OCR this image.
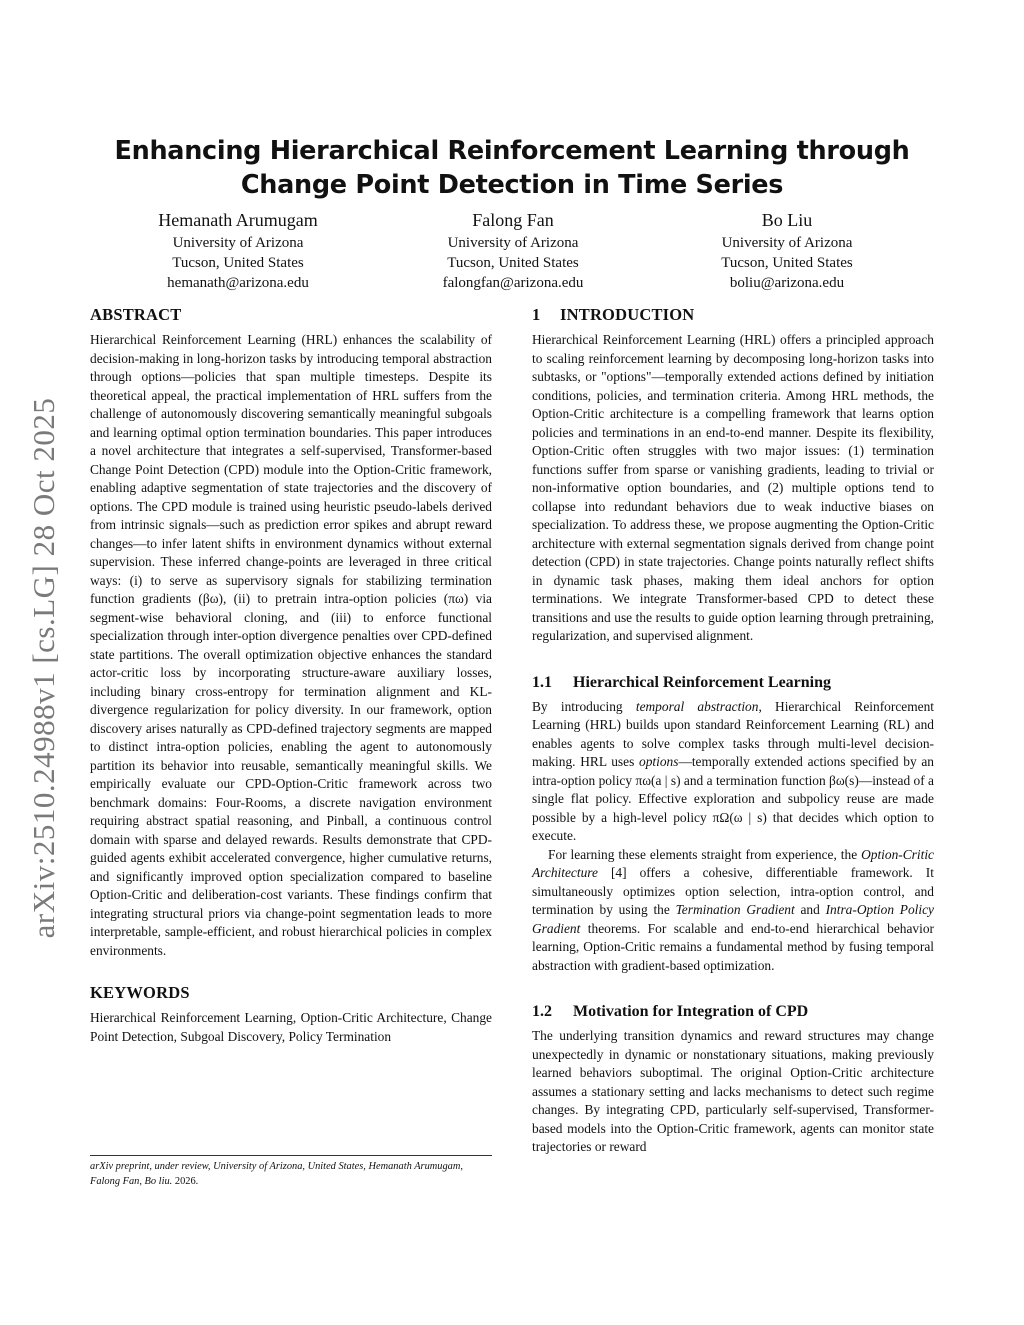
arXiv:2510.24988v1 [cs.LG] 28 Oct 2025
Enhancing Hierarchical Reinforcement Learning through Change Point Detection in Time Series
Hemanath Arumugam
University of Arizona
Tucson, United States
hemanath@arizona.edu
Falong Fan
University of Arizona
Tucson, United States
falongfan@arizona.edu
Bo Liu
University of Arizona
Tucson, United States
boliu@arizona.edu
ABSTRACT

Hierarchical Reinforcement Learning (HRL) enhances the scalability of decision-making in long-horizon tasks by introducing temporal abstraction through options—policies that span multiple timesteps. Despite its theoretical appeal, the practical implementation of HRL suffers from the challenge of autonomously discovering semantically meaningful subgoals and learning optimal option termination boundaries. This paper introduces a novel architecture that integrates a self-supervised, Transformer-based Change Point Detection (CPD) module into the Option-Critic framework, enabling adaptive segmentation of state trajectories and the discovery of options. The CPD module is trained using heuristic pseudo-labels derived from intrinsic signals—such as prediction error spikes and abrupt reward changes—to infer latent shifts in environment dynamics without external supervision. These inferred change-points are leveraged in three critical ways: (i) to serve as supervisory signals for stabilizing termination function gradients (βω), (ii) to pretrain intra-option policies (πω) via segment-wise behavioral cloning, and (iii) to enforce functional specialization through inter-option divergence penalties over CPD-defined state partitions. The overall optimization objective enhances the standard actor-critic loss by incorporating structure-aware auxiliary losses, including binary cross-entropy for termination alignment and KL-divergence regularization for policy diversity. In our framework, option discovery arises naturally as CPD-defined trajectory segments are mapped to distinct intra-option policies, enabling the agent to autonomously partition its behavior into reusable, semantically meaningful skills. We empirically evaluate our CPD-Option-Critic framework across two benchmark domains: Four-Rooms, a discrete navigation environment requiring abstract spatial reasoning, and Pinball, a continuous control domain with sparse and delayed rewards. Results demonstrate that CPD-guided agents exhibit accelerated convergence, higher cumulative returns, and significantly improved option specialization compared to baseline Option-Critic and deliberation-cost variants. These findings confirm that integrating structural priors via change-point segmentation leads to more interpretable, sample-efficient, and robust hierarchical policies in complex environments.

KEYWORDS

Hierarchical Reinforcement Learning, Option-Critic Architecture, Change Point Detection, Subgoal Discovery, Policy Termination

arXiv preprint, under review, University of Arizona, United States, Hemanath Arumugam, Falong Fan, Bo liu. 2026.

1 INTRODUCTION

Hierarchical Reinforcement Learning (HRL) offers a principled approach to scaling reinforcement learning by decomposing long-horizon tasks into subtasks, or "options"—temporally extended actions defined by initiation conditions, policies, and termination criteria. Among HRL methods, the Option-Critic architecture is a compelling framework that learns option policies and terminations in an end-to-end manner. Despite its flexibility, Option-Critic often struggles with two major issues: (1) termination functions suffer from sparse or vanishing gradients, leading to trivial or non-informative option boundaries, and (2) multiple options tend to collapse into redundant behaviors due to weak inductive biases on specialization. To address these, we propose augmenting the Option-Critic architecture with external segmentation signals derived from change point detection (CPD) in state trajectories. Change points naturally reflect shifts in dynamic task phases, making them ideal anchors for option terminations. We integrate Transformer-based CPD to detect these transitions and use the results to guide option learning through pretraining, regularization, and supervised alignment.

1.1 Hierarchical Reinforcement Learning

By introducing temporal abstraction, Hierarchical Reinforcement Learning (HRL) builds upon standard Reinforcement Learning (RL) and enables agents to solve complex tasks through multi-level decision-making. HRL uses options—temporally extended actions specified by an intra-option policy πω(a | s) and a termination function βω(s)—instead of a single flat policy. Effective exploration and subpolicy reuse are made possible by a high-level policy πΩ(ω | s) that decides which option to execute.

For learning these elements straight from experience, the Option-Critic Architecture [4] offers a cohesive, differentiable framework. It simultaneously optimizes option selection, intra-option control, and termination by using the Termination Gradient and Intra-Option Policy Gradient theorems. For scalable and end-to-end hierarchical behavior learning, Option-Critic remains a fundamental method by fusing temporal abstraction with gradient-based optimization.

1.2 Motivation for Integration of CPD

The underlying transition dynamics and reward structures may change unexpectedly in dynamic or nonstationary situations, making previously learned behaviors suboptimal. The original Option-Critic architecture assumes a stationary setting and lacks mechanisms to detect such regime changes. By integrating CPD, particularly self-supervised, Transformer-based models into the Option-Critic framework, agents can monitor state trajectories or reward
